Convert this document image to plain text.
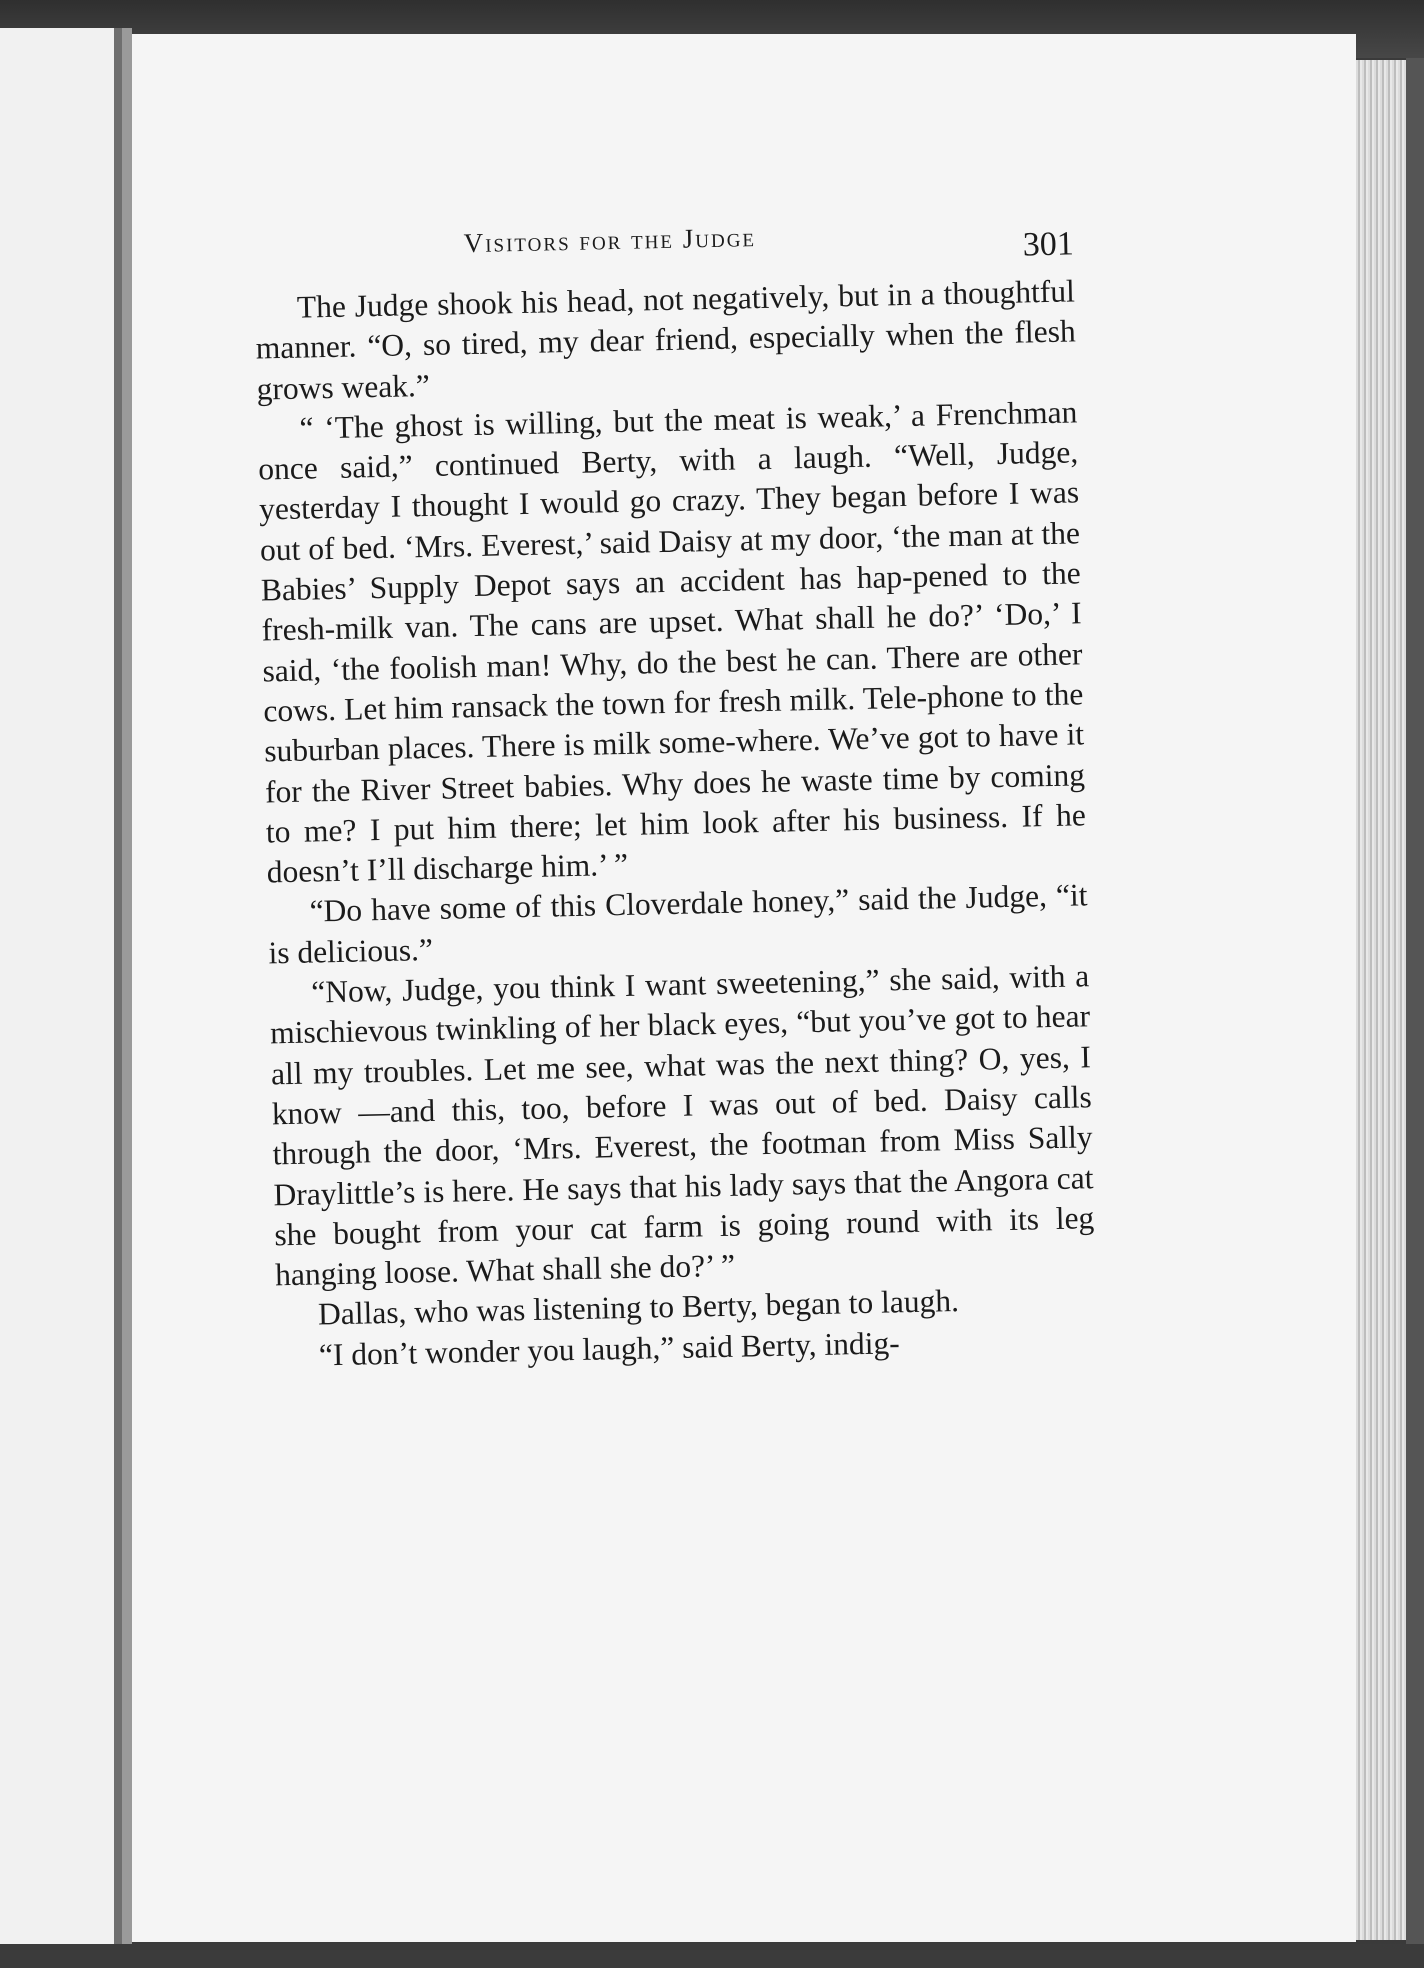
Visitors for the Judge	301

The Judge shook his head, not negatively, but in a thoughtful manner. “O, so tired, my dear friend, especially when the flesh grows weak.”

“ ‘The ghost is willing, but the meat is weak,’ a Frenchman once said,” continued Berty, with a laugh. “Well, Judge, yesterday I thought I would go crazy. They began before I was out of bed. ‘Mrs. Everest,’ said Daisy at my door, ‘the man at the Babies’ Supply Depot says an accident has hap-pened to the fresh-milk van. The cans are upset. What shall he do?’ ‘Do,’ I said, ‘the foolish man! Why, do the best he can. There are other cows. Let him ransack the town for fresh milk. Tele-phone to the suburban places. There is milk some-where. We’ve got to have it for the River Street babies. Why does he waste time by coming to me? I put him there; let him look after his business. If he doesn’t I’ll discharge him.’ ”

“Do have some of this Cloverdale honey,” said the Judge, “it is delicious.”

“Now, Judge, you think I want sweetening,” she said, with a mischievous twinkling of her black eyes, “but you’ve got to hear all my troubles. Let me see, what was the next thing? O, yes, I know —and this, too, before I was out of bed. Daisy calls through the door, ‘Mrs. Everest, the footman from Miss Sally Draylittle’s is here. He says that his lady says that the Angora cat she bought from your cat farm is going round with its leg hanging loose. What shall she do?’ ”

Dallas, who was listening to Berty, began to laugh.

“I don’t wonder you laugh,” said Berty, indig-
